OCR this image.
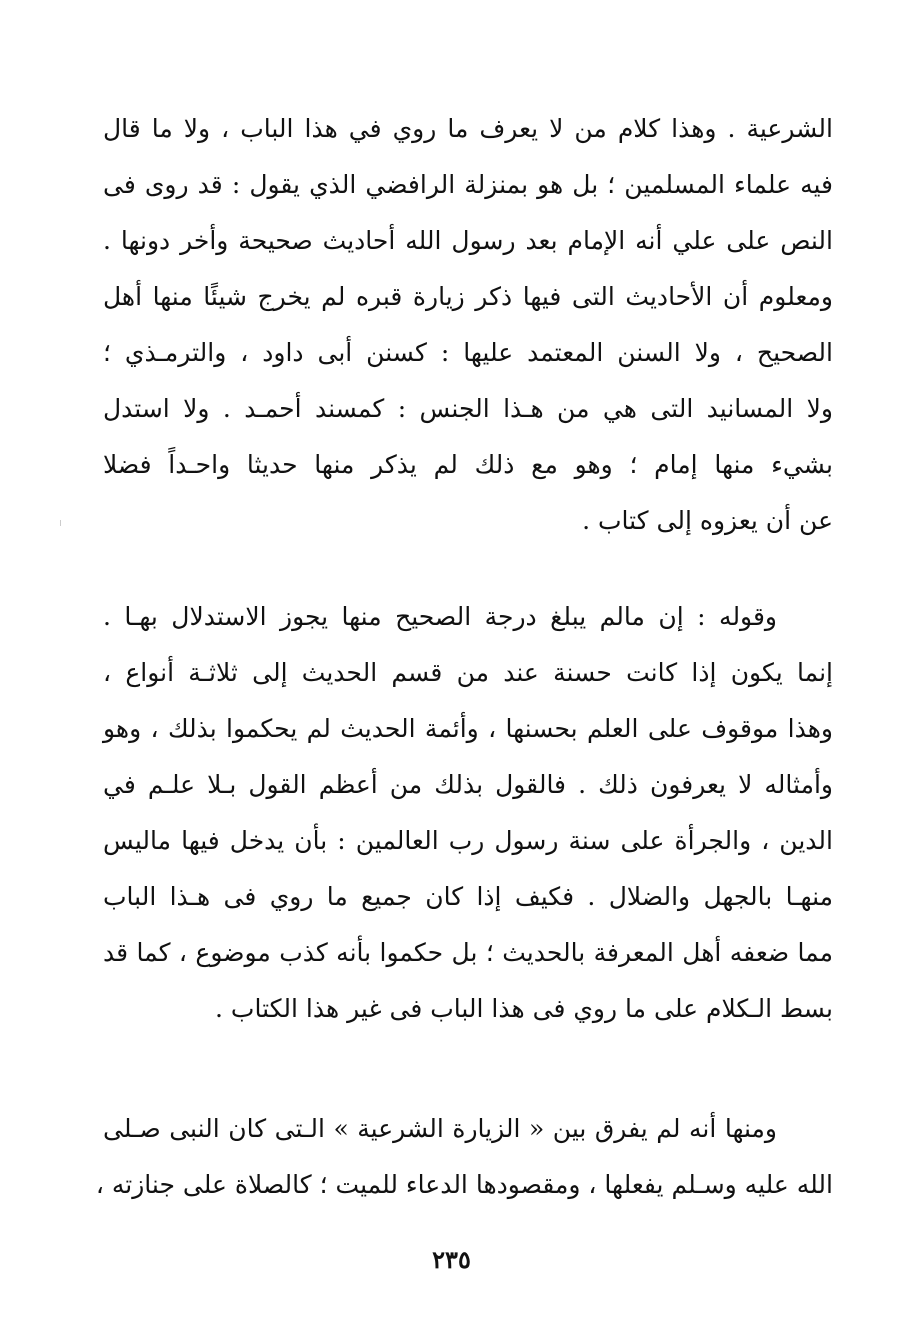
الشرعية . وهذا كلام من لا يعرف ما روي في هذا الباب ، ولا ما قال
فيه علماء المسلمين ؛ بل هو بمنزلة الرافضي الذي يقول : قد روى فى
النص على علي أنه الإمام بعد رسول الله أحاديث صحيحة وأخر دونها .
ومعلوم أن الأحاديث التى فيها ذكر زيارة قبره لم يخرج شيئًا منها أهل
الصحيح ، ولا السنن المعتمد عليها : كسنن أبى داود ، والترمـذي ؛
ولا المسانيد التى هي من هـذا الجنس : كمسند أحمـد . ولا استدل
بشيء منها إمام ؛ وهو مع ذلك لم يذكر منها حديثا واحـداً فضلا
عن أن يعزوه إلى كتاب .
وقوله : إن مالم يبلغ درجة الصحيح منها يجوز الاستدلال بهـا .
إنما يكون إذا كانت حسنة عند من قسم الحديث إلى ثلاثـة أنواع ،
وهذا موقوف على العلم بحسنها ، وأئمة الحديث لم يحكموا بذلك ، وهو
وأمثاله لا يعرفون ذلك . فالقول بذلك من أعظم القول بـلا علـم في
الدين ، والجرأة على سنة رسول رب العالمين : بأن يدخل فيها ماليس
منهـا بالجهل والضلال . فكيف إذا كان جميع ما روي فى هـذا الباب
مما ضعفه أهل المعرفة بالحديث ؛ بل حكموا بأنه كذب موضوع ، كما قد
بسط الـكلام على ما روي فى هذا الباب فى غير هذا الكتاب .
ومنها أنه لم يفرق بين « الزيارة الشرعية » الـتى كان النبى صـلى
الله عليه وسـلم يفعلها ، ومقصودها الدعاء للميت ؛ كالصلاة على جنازته ،
٢٣٥
